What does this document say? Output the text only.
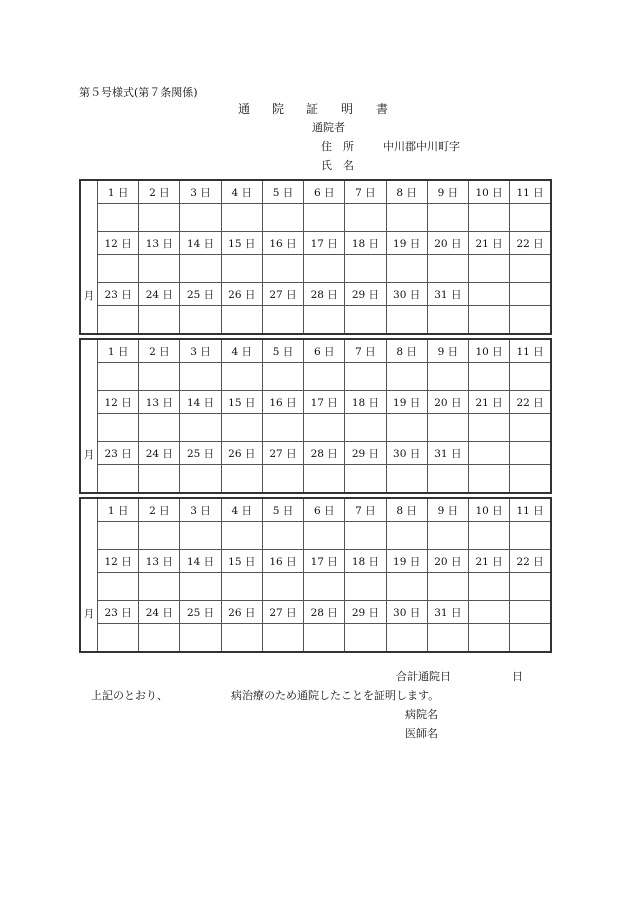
第５号様式(第７条関係)
通 院 証 明 書
通院者
住　所	中川郡中川町字
氏　名
月	1 日	2 日	3 日	4 日	5 日	6 日	7 日	8 日	9 日	10 日	11 日

	12 日	13 日	14 日	15 日	16 日	17 日	18 日	19 日	20 日	21 日	22 日

	23 日	24 日	25 日	26 日	27 日	28 日	29 日	30 日	31 日		

月	1 日	2 日	3 日	4 日	5 日	6 日	7 日	8 日	9 日	10 日	11 日

	12 日	13 日	14 日	15 日	16 日	17 日	18 日	19 日	20 日	21 日	22 日

	23 日	24 日	25 日	26 日	27 日	28 日	29 日	30 日	31 日		

月	1 日	2 日	3 日	4 日	5 日	6 日	7 日	8 日	9 日	10 日	11 日

	12 日	13 日	14 日	15 日	16 日	17 日	18 日	19 日	20 日	21 日	22 日

	23 日	24 日	25 日	26 日	27 日	28 日	29 日	30 日	31 日		

合計通院日	日
上記のとおり、	病治療のため通院したことを証明します。
病院名
医師名
